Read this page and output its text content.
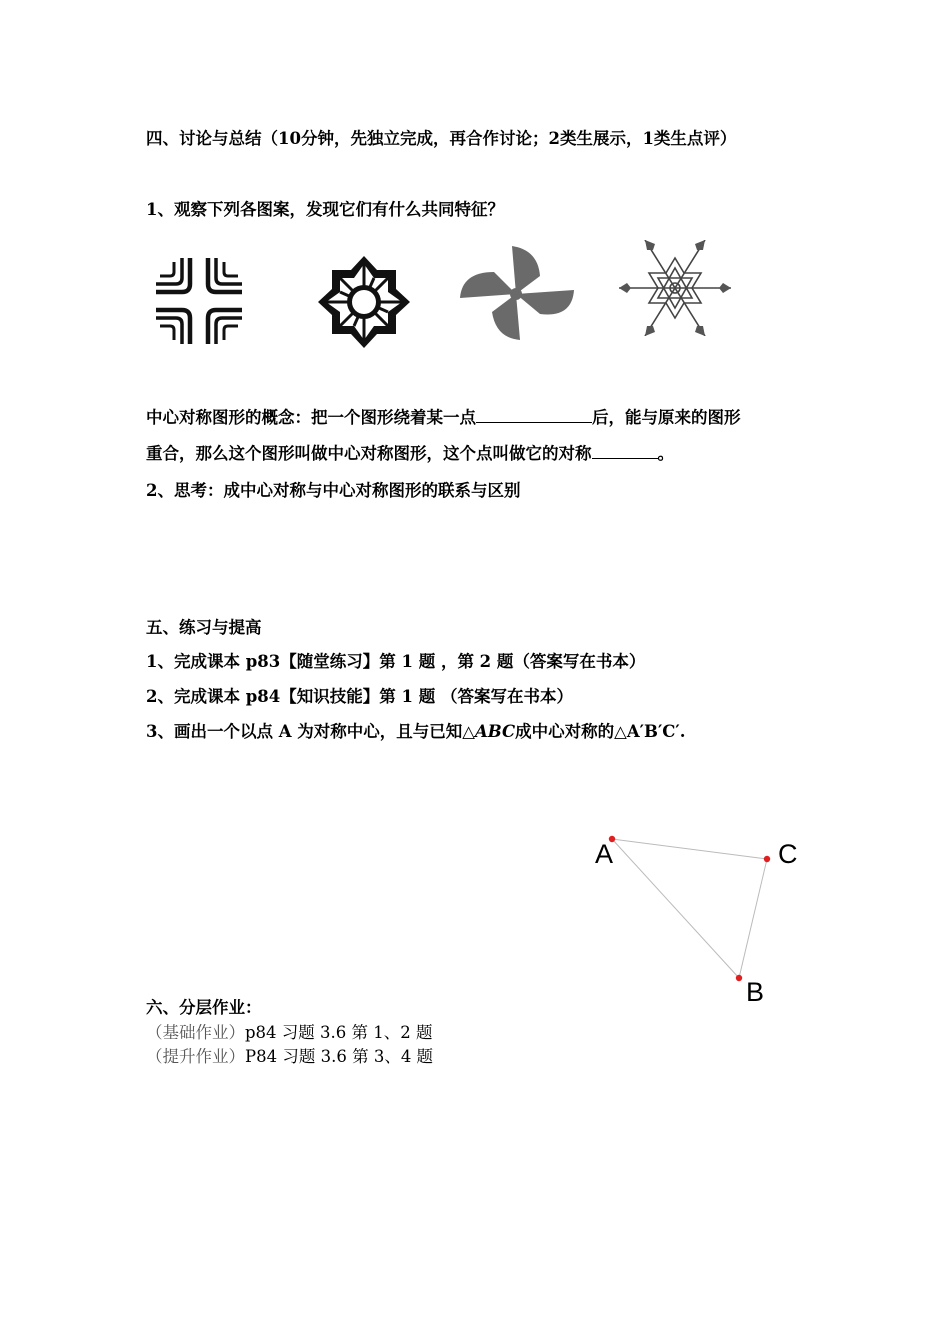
四、讨论与总结（10分钟，先独立完成，再合作讨论；2类生展示，1类生点评）
1、观察下列各图案，发现它们有什么共同特征？
中心对称图形的概念：把一个图形绕着某一点	后，能与原来的图形
重合，那么这个图形叫做中心对称图形，这个点叫做它的对称	。
2、思考：成中心对称与中心对称图形的联系与区别
五、练习与提高
1、完成课本 p83【随堂练习】第 1 题 ，第 2 题（答案写在书本）
2、完成课本 p84【知识技能】第 1 题 （答案写在书本）
3、画出一个以点 A 为对称中心，且与已知△ABC成中心对称的△A′B′C′.
A	C
B
六、分层作业：
（基础作业）p84 习题 3.6 第 1、2 题
（提升作业）P84 习题 3.6 第 3、4 题
